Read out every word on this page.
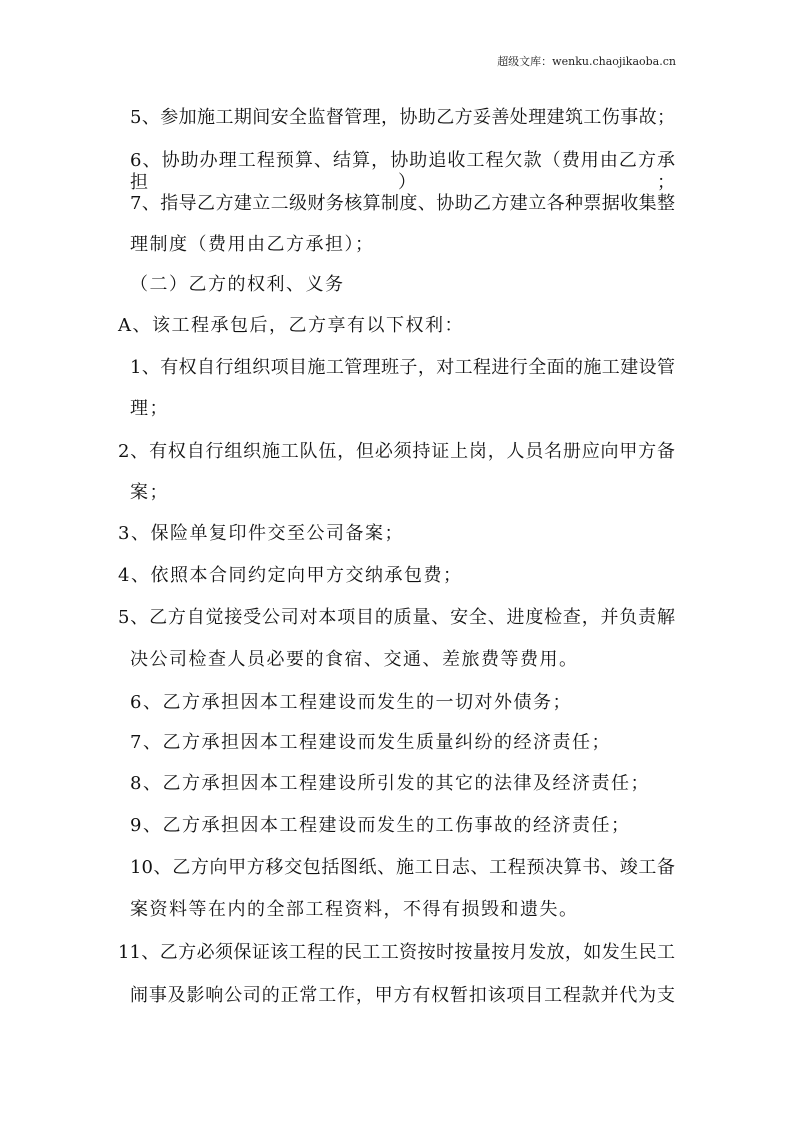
超级文库：wenku.chaojikaoba.cn
5、参加施工期间安全监督管理，协助乙方妥善处理建筑工伤事故；
6、协助办理工程预算、结算，协助追收工程欠款（费用由乙方承担）；
7、指导乙方建立二级财务核算制度、协助乙方建立各种票据收集整
理制度（费用由乙方承担）；
（二）乙方的权利、义务
A、该工程承包后，乙方享有以下权利：
1、有权自行组织项目施工管理班子，对工程进行全面的施工建设管
理；
2、有权自行组织施工队伍，但必须持证上岗，人员名册应向甲方备
案；
3、保险单复印件交至公司备案；
4、依照本合同约定向甲方交纳承包费；
5、乙方自觉接受公司对本项目的质量、安全、进度检查，并负责解
决公司检查人员必要的食宿、交通、差旅费等费用。
6、乙方承担因本工程建设而发生的一切对外债务；
7、乙方承担因本工程建设而发生质量纠纷的经济责任；
8、乙方承担因本工程建设所引发的其它的法律及经济责任；
9、乙方承担因本工程建设而发生的工伤事故的经济责任；
10、乙方向甲方移交包括图纸、施工日志、工程预决算书、竣工备
案资料等在内的全部工程资料，不得有损毁和遗失。
11、乙方必须保证该工程的民工工资按时按量按月发放，如发生民工
闹事及影响公司的正常工作，甲方有权暂扣该项目工程款并代为支
